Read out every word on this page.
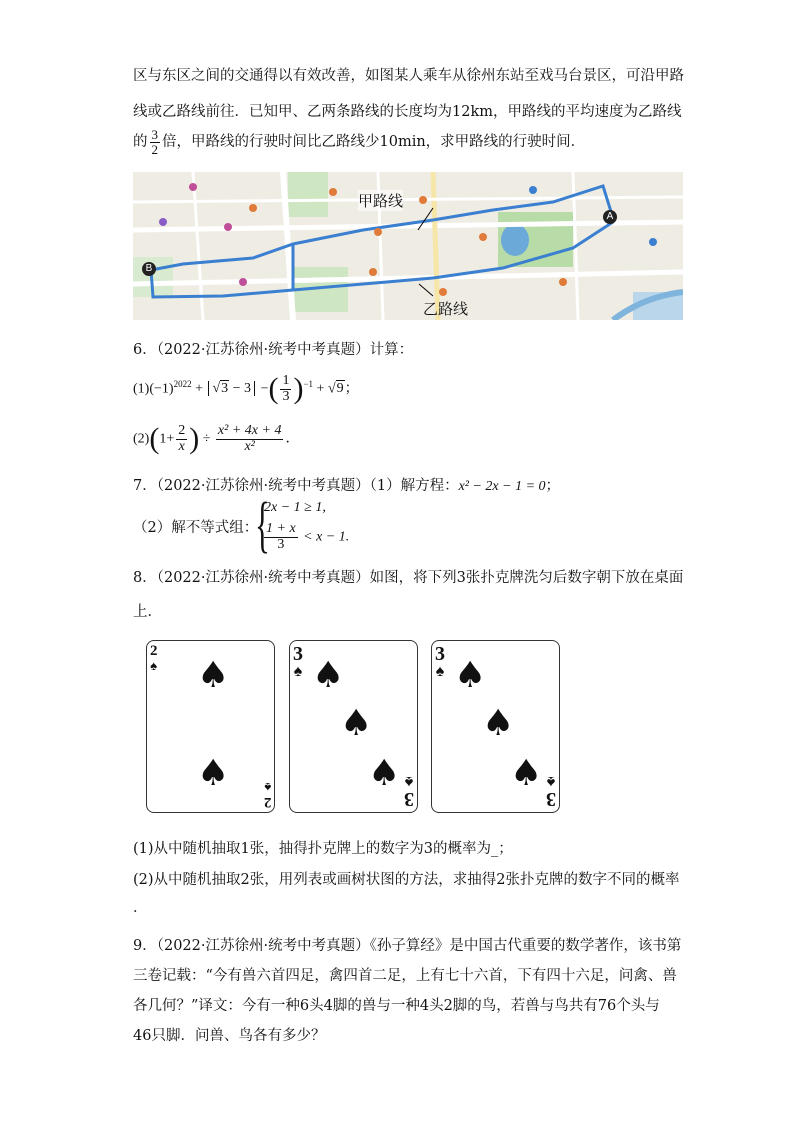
区与东区之间的交通得以有效改善，如图某人乘车从徐州东站至戏马台景区，可沿甲路
线或乙路线前往．已知甲、乙两条路线的长度均为12km，甲路线的平均速度为乙路线
的 $\frac{3}{2}$ 倍，甲路线的行驶时间比乙路线少10min，求甲路线的行驶时间．
甲路线
乙路线
A
B
6．（2022·江苏徐州·统考中考真题）计算：
$(1)(-1)^{2022} + √3 - 3$ −( $\frac{1}{3} )^{-1} + √9$；
$(2)(1+ \frac{2}{x}$ ) ÷ $\frac{\text{x² + 4x + 4}}{\text{x²}}$ ．
7．（2022·江苏徐州·统考中考真题）（1）解方程：x² − 2x − 1 = 0；
（2）解不等式组：
{
2x − 1 ≥ 1,
$\frac{1 + x}{3} < x - 1$.
8．（2022·江苏徐州·统考中考真题）如图，将下列3张扑克牌洗匀后数字朝下放在桌面
上．
2
♠
2
♠
♠
♠
3
♠
3
♠
♠
♠
♠
3
♠
3
♠
♠
♠
♠
(1)从中随机抽取1张，抽得扑克牌上的数字为3的概率为_；
(2)从中随机抽取2张，用列表或画树状图的方法，求抽得2张扑克牌的数字不同的概率
．
9．（2022·江苏徐州·统考中考真题）《孙子算经》是中国古代重要的数学著作，该书第
三卷记载：“今有兽六首四足，禽四首二足，上有七十六首，下有四十六足，问禽、兽
各几何？”译文：今有一种6头4脚的兽与一种4头2脚的鸟，若兽与鸟共有76个头与
46只脚．问兽、鸟各有多少？
